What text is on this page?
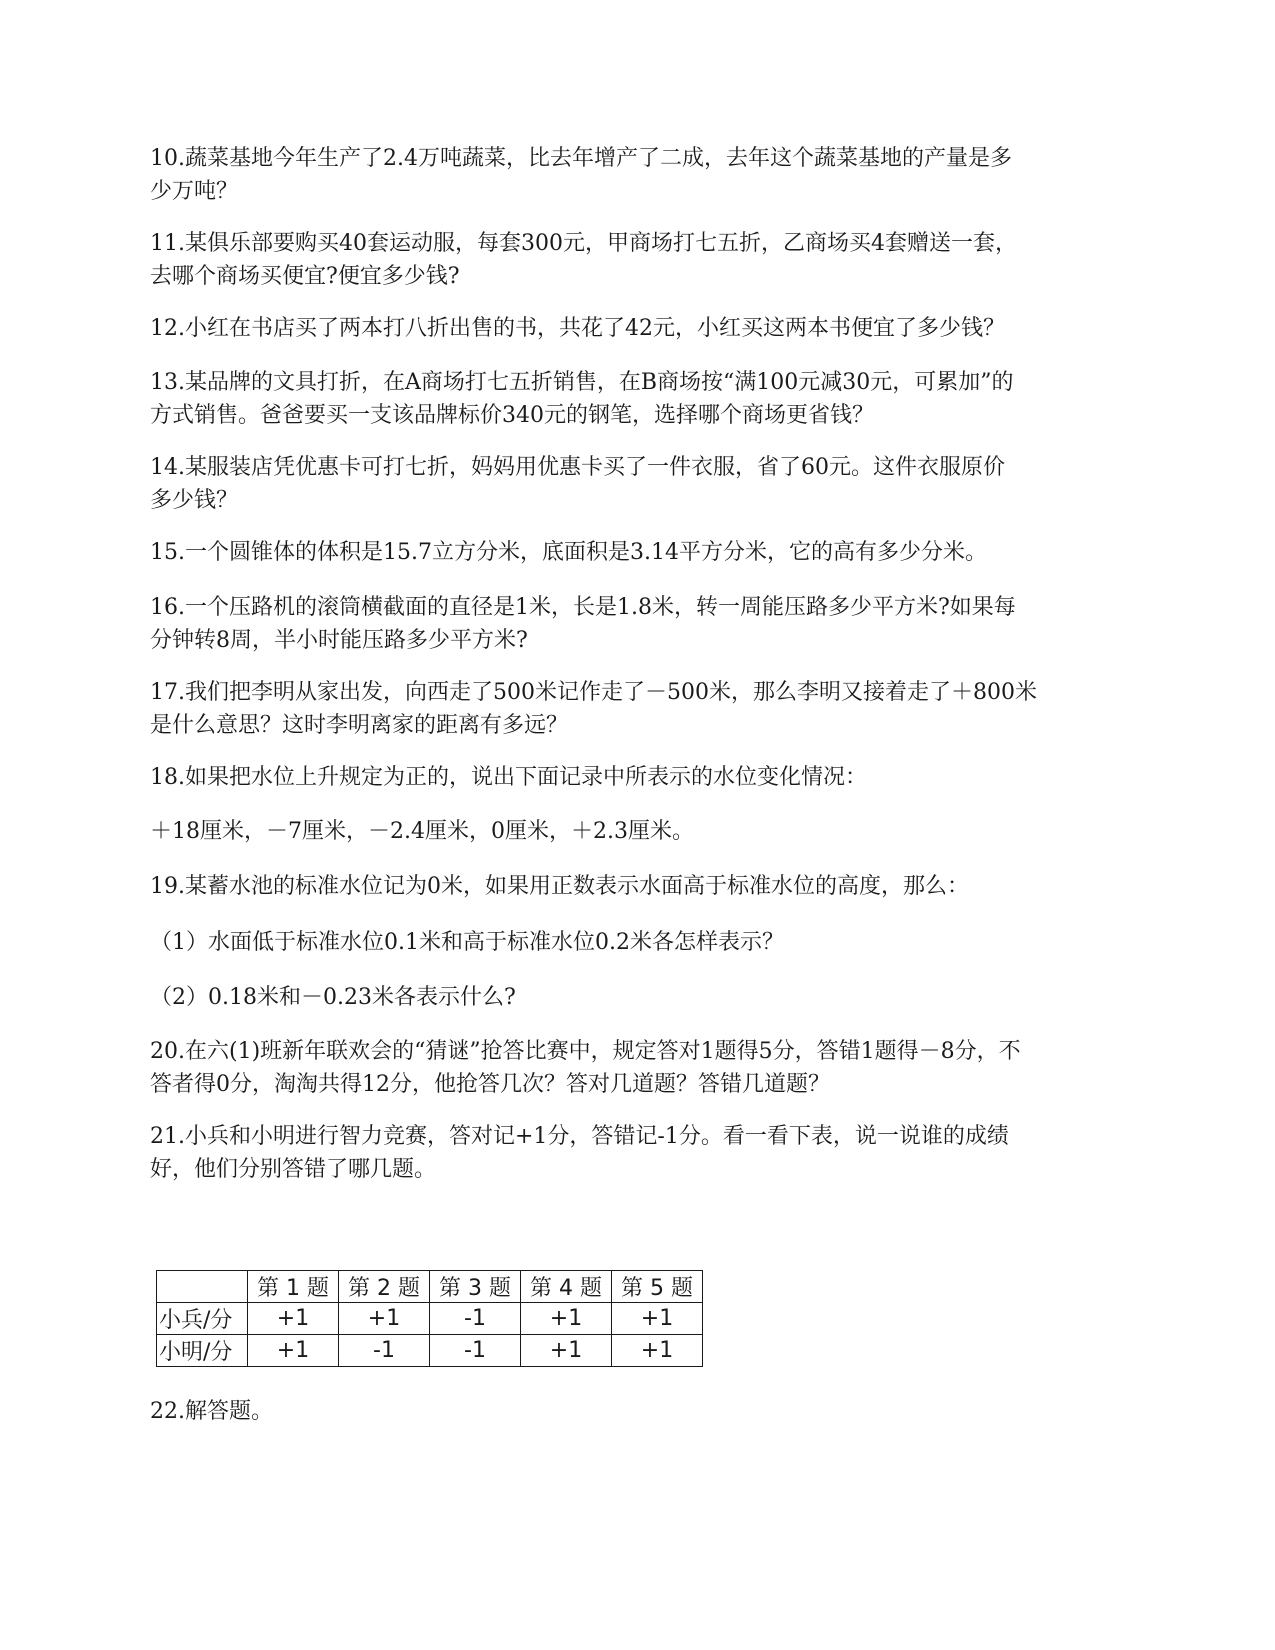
10.蔬菜基地今年生产了2.4万吨蔬菜，比去年增产了二成，去年这个蔬菜基地的产量是多
少万吨？

11.某俱乐部要购买40套运动服，每套300元，甲商场打七五折，乙商场买4套赠送一套，
去哪个商场买便宜?便宜多少钱?

12.小红在书店买了两本打八折出售的书，共花了42元，小红买这两本书便宜了多少钱？

13.某品牌的文具打折，在A商场打七五折销售，在B商场按“满100元减30元，可累加”的
方式销售。爸爸要买一支该品牌标价340元的钢笔，选择哪个商场更省钱？

14.某服装店凭优惠卡可打七折，妈妈用优惠卡买了一件衣服，省了60元。这件衣服原价
多少钱？

15.一个圆锥体的体积是15.7立方分米，底面积是3.14平方分米，它的高有多少分米。

16.一个压路机的滚筒横截面的直径是1米，长是1.8米，转一周能压路多少平方米?如果每
分钟转8周，半小时能压路多少平方米?

17.我们把李明从家出发，向西走了500米记作走了－500米，那么李明又接着走了＋800米
是什么意思？这时李明离家的距离有多远？

18.如果把水位上升规定为正的，说出下面记录中所表示的水位变化情况：

＋18厘米，－7厘米，－2.4厘米，0厘米，＋2.3厘米。

19.某蓄水池的标准水位记为0米，如果用正数表示水面高于标准水位的高度，那么：

（1）水面低于标准水位0.1米和高于标准水位0.2米各怎样表示？

（2）0.18米和－0.23米各表示什么?

20.在六(1)班新年联欢会的“猜谜”抢答比赛中，规定答对1题得5分，答错1题得－8分，不
答者得0分，淘淘共得12分，他抢答几次？答对几道题？答错几道题？

21.小兵和小明进行智力竞赛，答对记+1分，答错记-1分。看一看下表，说一说谁的成绩
好，他们分别答错了哪几题。

	第 1 题	第 2 题	第 3 题	第 4 题	第 5 题
小兵/分	+1	+1	-1	+1	+1
小明/分	+1	-1	-1	+1	+1

22.解答题。
